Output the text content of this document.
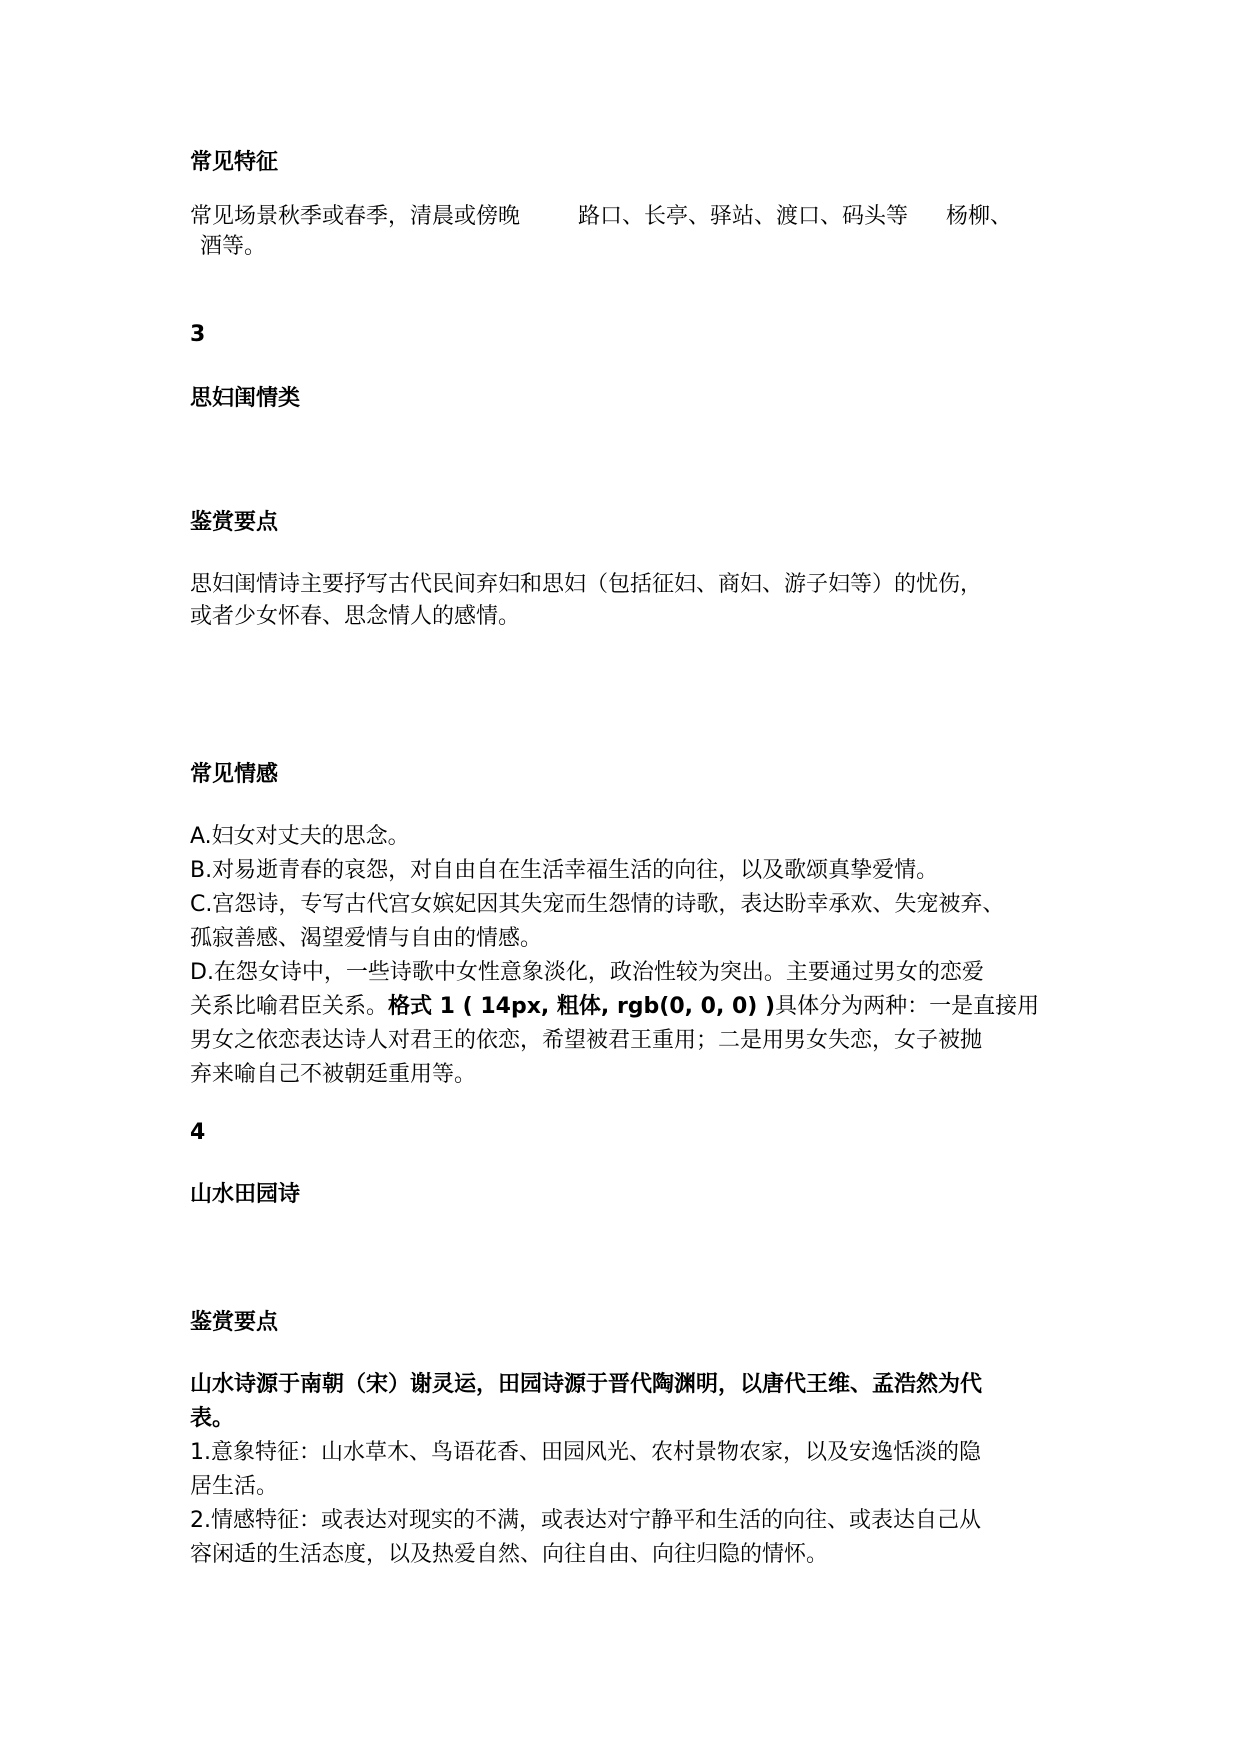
常见特征
常见场景秋季或春季，清晨或傍晚	路口、长亭、驿站、渡口、码头等 杨柳、
酒等。
3
思妇闺情类
鉴赏要点
思妇闺情诗主要抒写古代民间弃妇和思妇（包括征妇、商妇、游子妇等）的忧伤，
或者少女怀春、思念情人的感情。
常见情感
A.妇女对丈夫的思念。
B.对易逝青春的哀怨，对自由自在生活幸福生活的向往，以及歌颂真挚爱情。
C.宫怨诗，专写古代宫女嫔妃因其失宠而生怨情的诗歌，表达盼幸承欢、失宠被弃、
孤寂善感、渴望爱情与自由的情感。
D.在怨女诗中，一些诗歌中女性意象淡化，政治性较为突出。主要通过男女的恋爱
关系比喻君臣关系。格式 1 ( 14px, 粗体, rgb(0, 0, 0) )具体分为两种：一是直接用
男女之依恋表达诗人对君王的依恋，希望被君王重用；二是用男女失恋，女子被抛
弃来喻自己不被朝廷重用等。
4
山水田园诗
鉴赏要点
山水诗源于南朝（宋）谢灵运，田园诗源于晋代陶渊明，以唐代王维、孟浩然为代
表。
1.意象特征：山水草木、鸟语花香、田园风光、农村景物农家，以及安逸恬淡的隐
居生活。
2.情感特征：或表达对现实的不满，或表达对宁静平和生活的向往、或表达自己从
容闲适的生活态度，以及热爱自然、向往自由、向往归隐的情怀。
